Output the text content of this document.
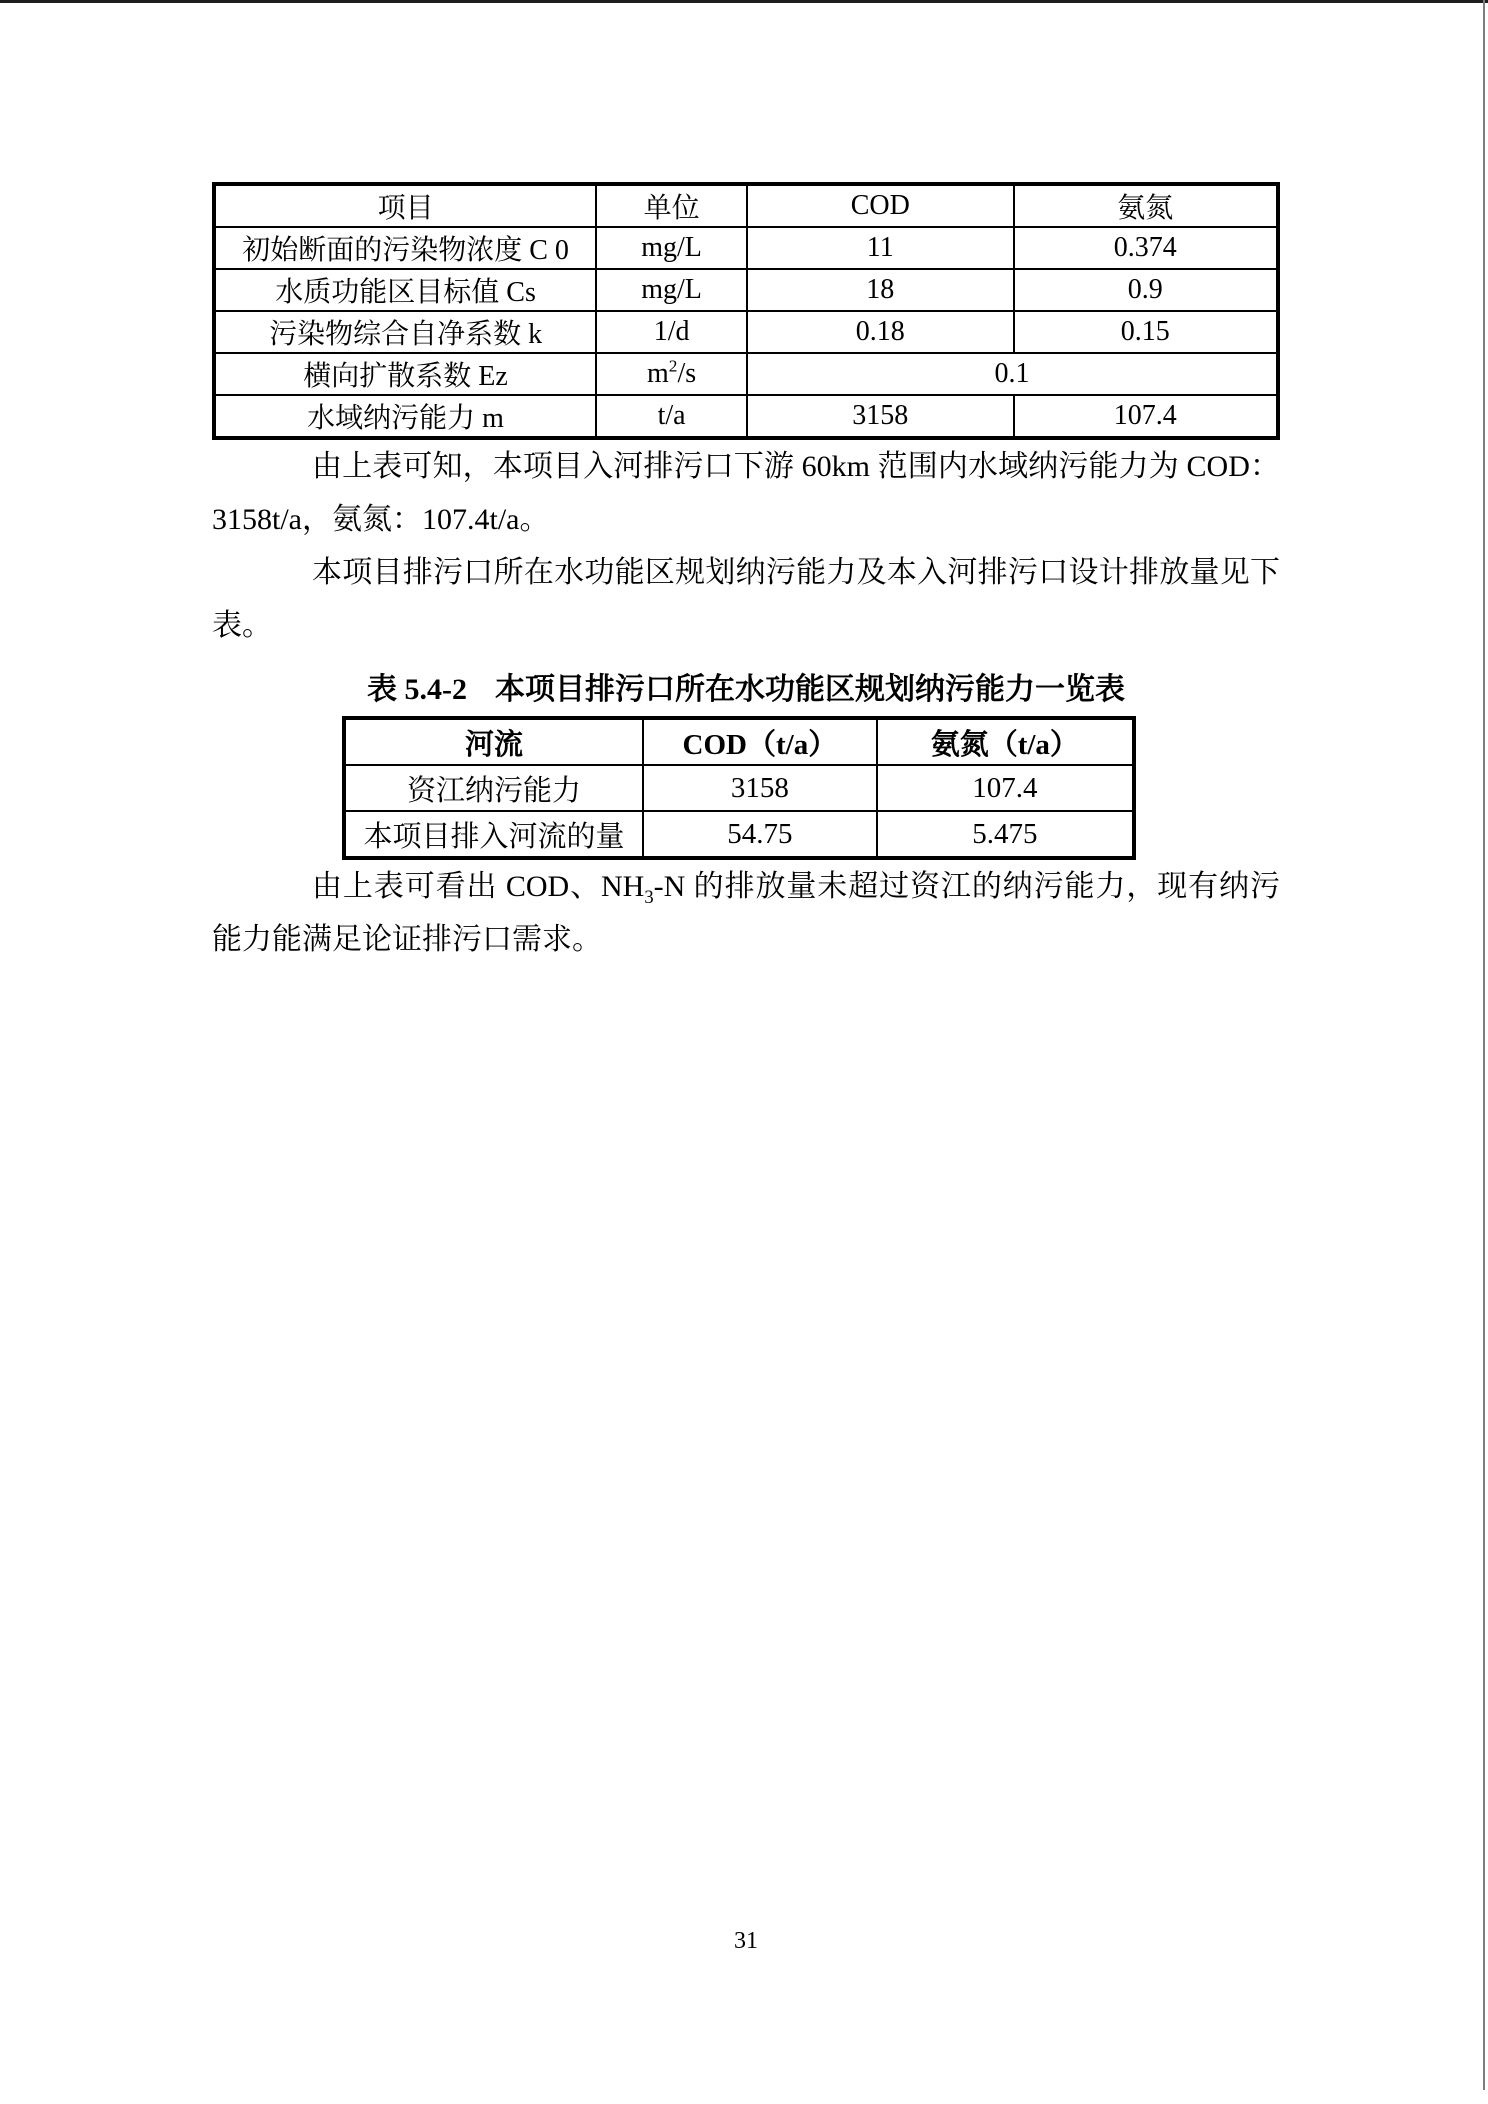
项目	单位	COD	氨氮
初始断面的污染物浓度 C 0	mg/L	11	0.374
水质功能区目标值 Cs	mg/L	18	0.9
污染物综合自净系数 k	1/d	0.18	0.15
横向扩散系数 Ez	$m^2/s$	0.1	
水域纳污能力 m	t/a	3158	107.4

由上表可知，本项目入河排污口下游 60km 范围内水域纳污能力为 COD：3158t/a，氨氮：107.4t/a。

本项目排污口所在水功能区规划纳污能力及本入河排污口设计排放量见下表。

表 5.4-2 本项目排污口所在水功能区规划纳污能力一览表
河流	COD（t/a）	氨氮（t/a）
资江纳污能力	3158	107.4
本项目排入河流的量	54.75	5.475

由上表可看出 COD、$NH_3-N$ 的排放量未超过资江的纳污能力，现有纳污能力能满足论证排污口需求。

31
